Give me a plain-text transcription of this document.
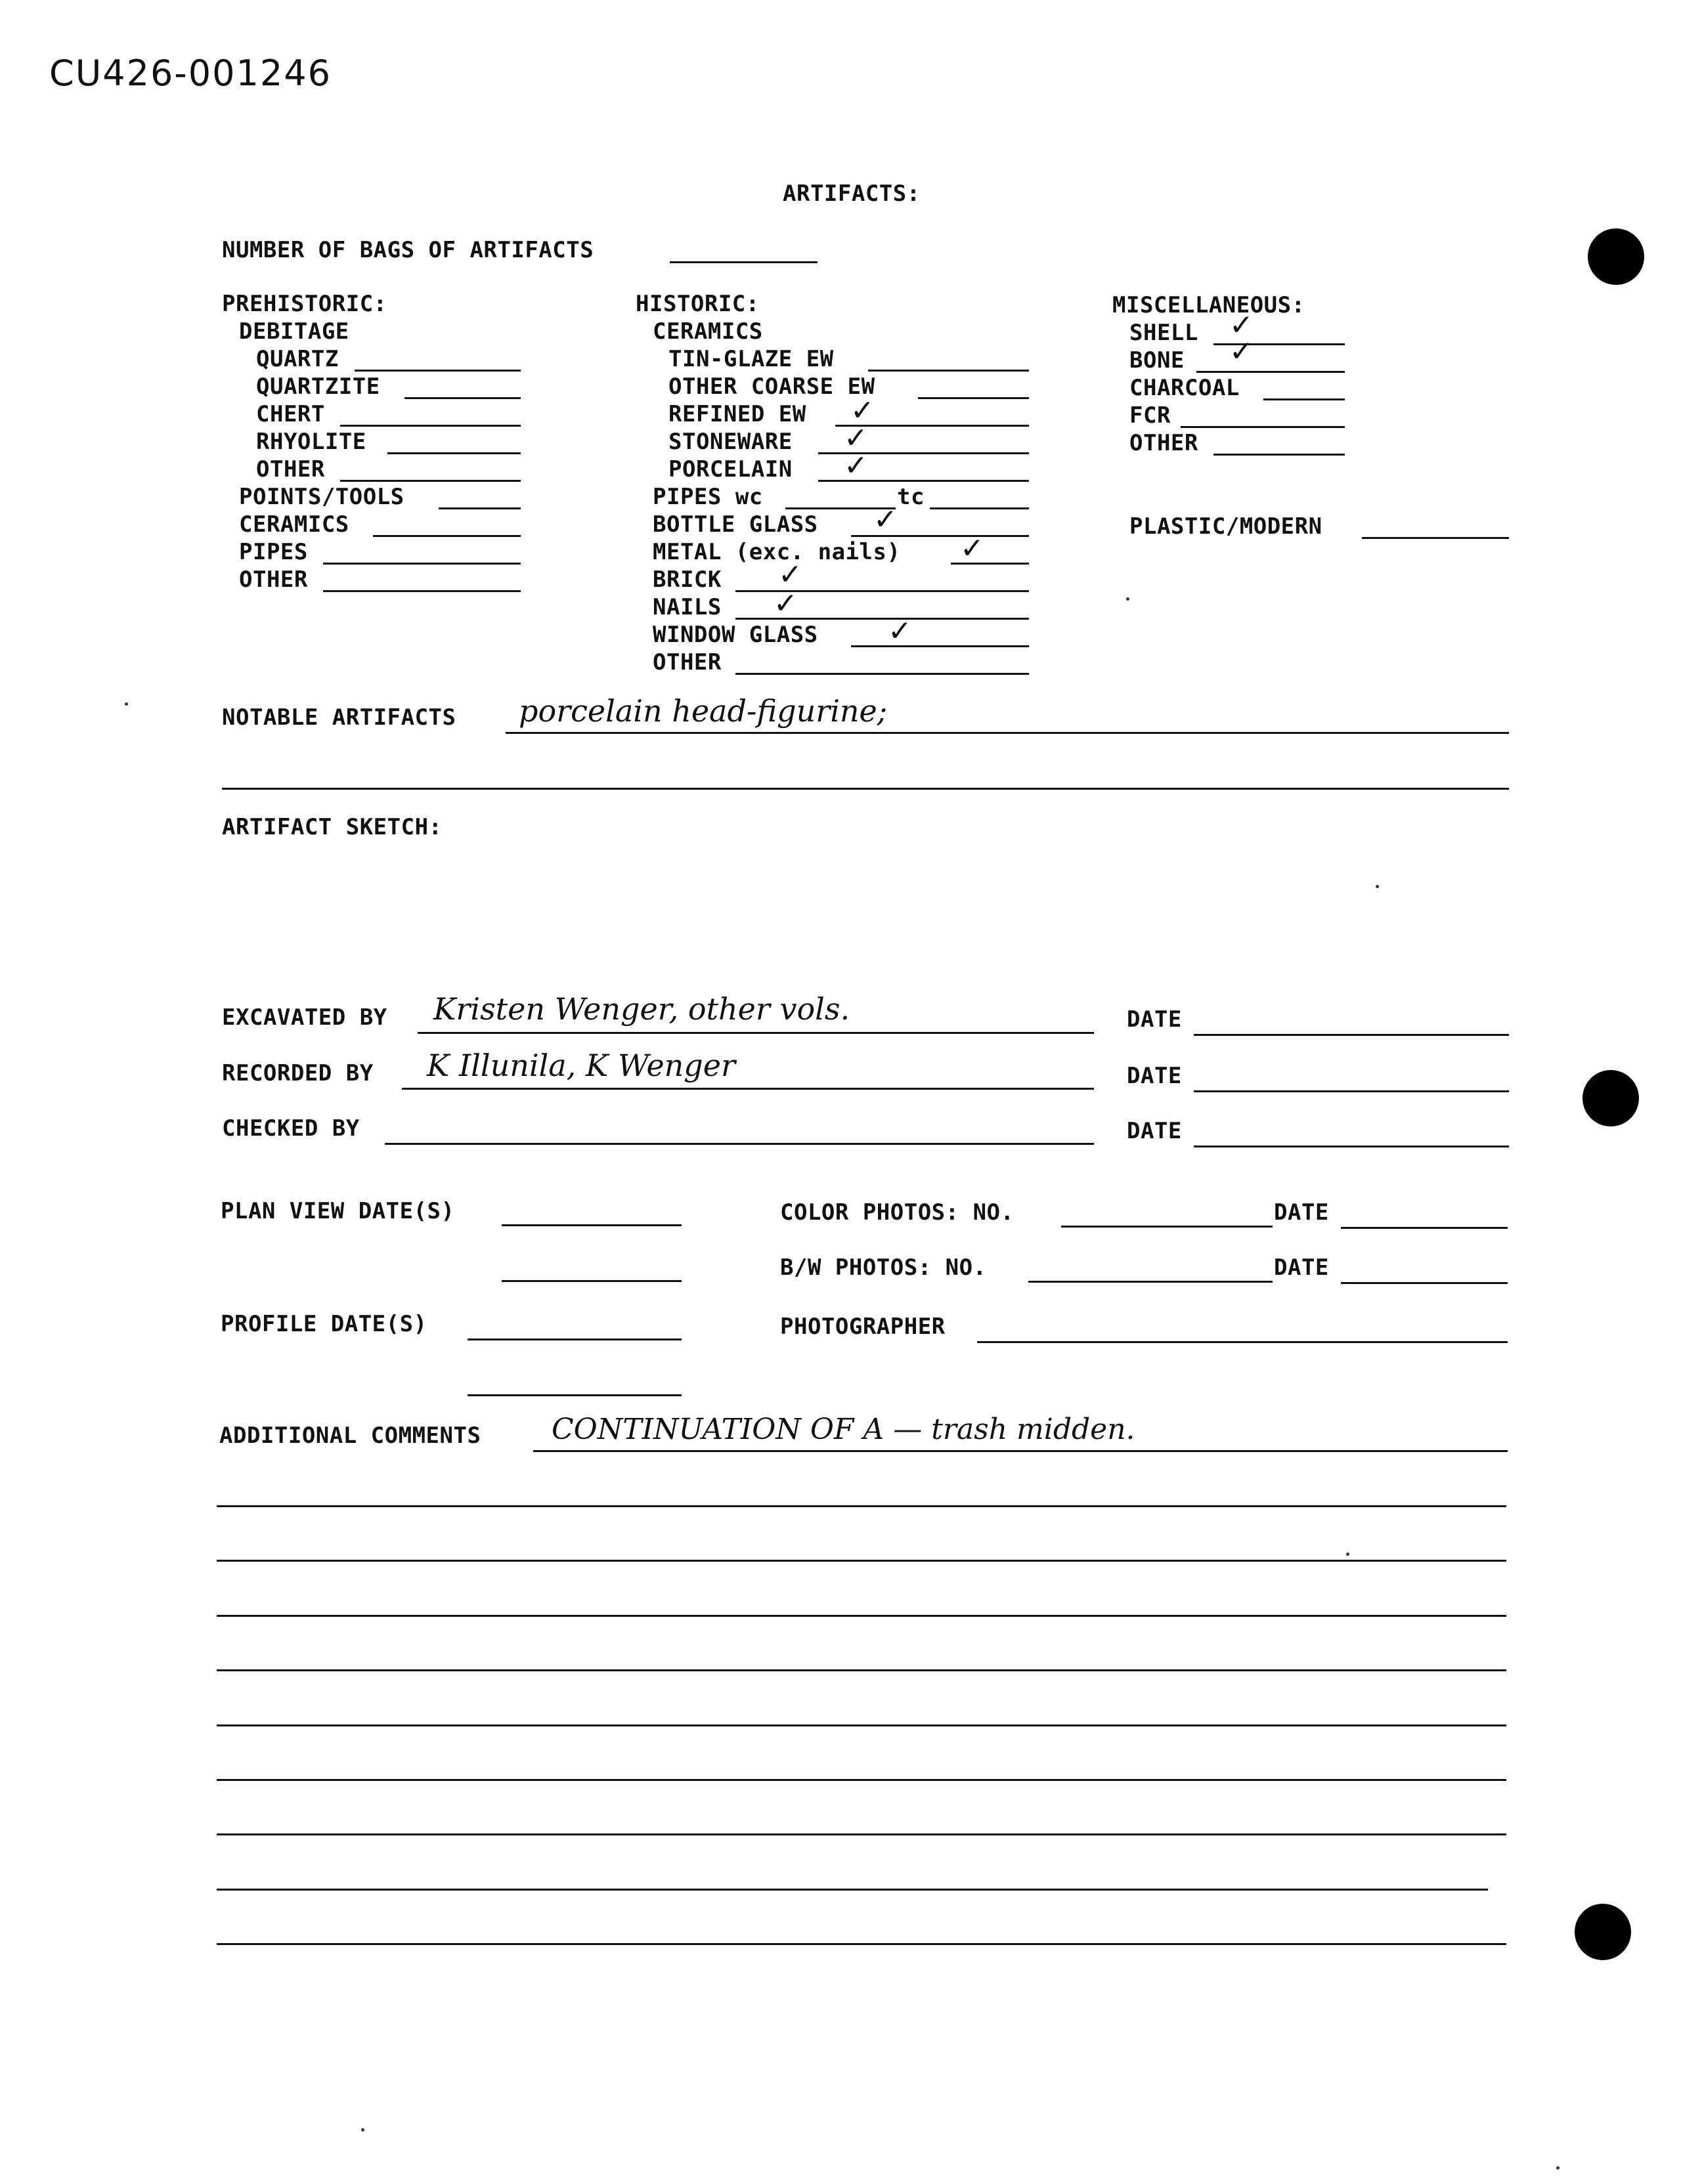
CU426-001246
ARTIFACTS:
NUMBER OF BAGS OF ARTIFACTS
PREHISTORIC:
DEBITAGE
QUARTZ
QUARTZITE
CHERT
RHYOLITE
OTHER
POINTS/TOOLS
CERAMICS
PIPES
OTHER
HISTORIC:
CERAMICS
TIN-GLAZE EW
OTHER COARSE EW
REFINED EW ✓
STONEWARE ✓
PORCELAIN ✓
PIPES wc	tc
BOTTLE GLASS ✓
METAL (exc. nails) ✓
BRICK ✓
NAILS ✓
WINDOW GLASS ✓
OTHER
MISCELLANEOUS:
SHELL ✓
BONE ✓
CHARCOAL
FCR
OTHER
PLASTIC/MODERN
NOTABLE ARTIFACTS porcelain head-figurine;
ARTIFACT SKETCH:
EXCAVATED BY Kristen Wenger, other vols.	DATE
RECORDED BY K Illunila, K Wenger	DATE
CHECKED BY	DATE
PLAN VIEW DATE(S)	COLOR PHOTOS: NO.	DATE
B/W PHOTOS: NO.	DATE
PROFILE DATE(S)	PHOTOGRAPHER
ADDITIONAL COMMENTS CONTINUATION OF A — trash midden.
